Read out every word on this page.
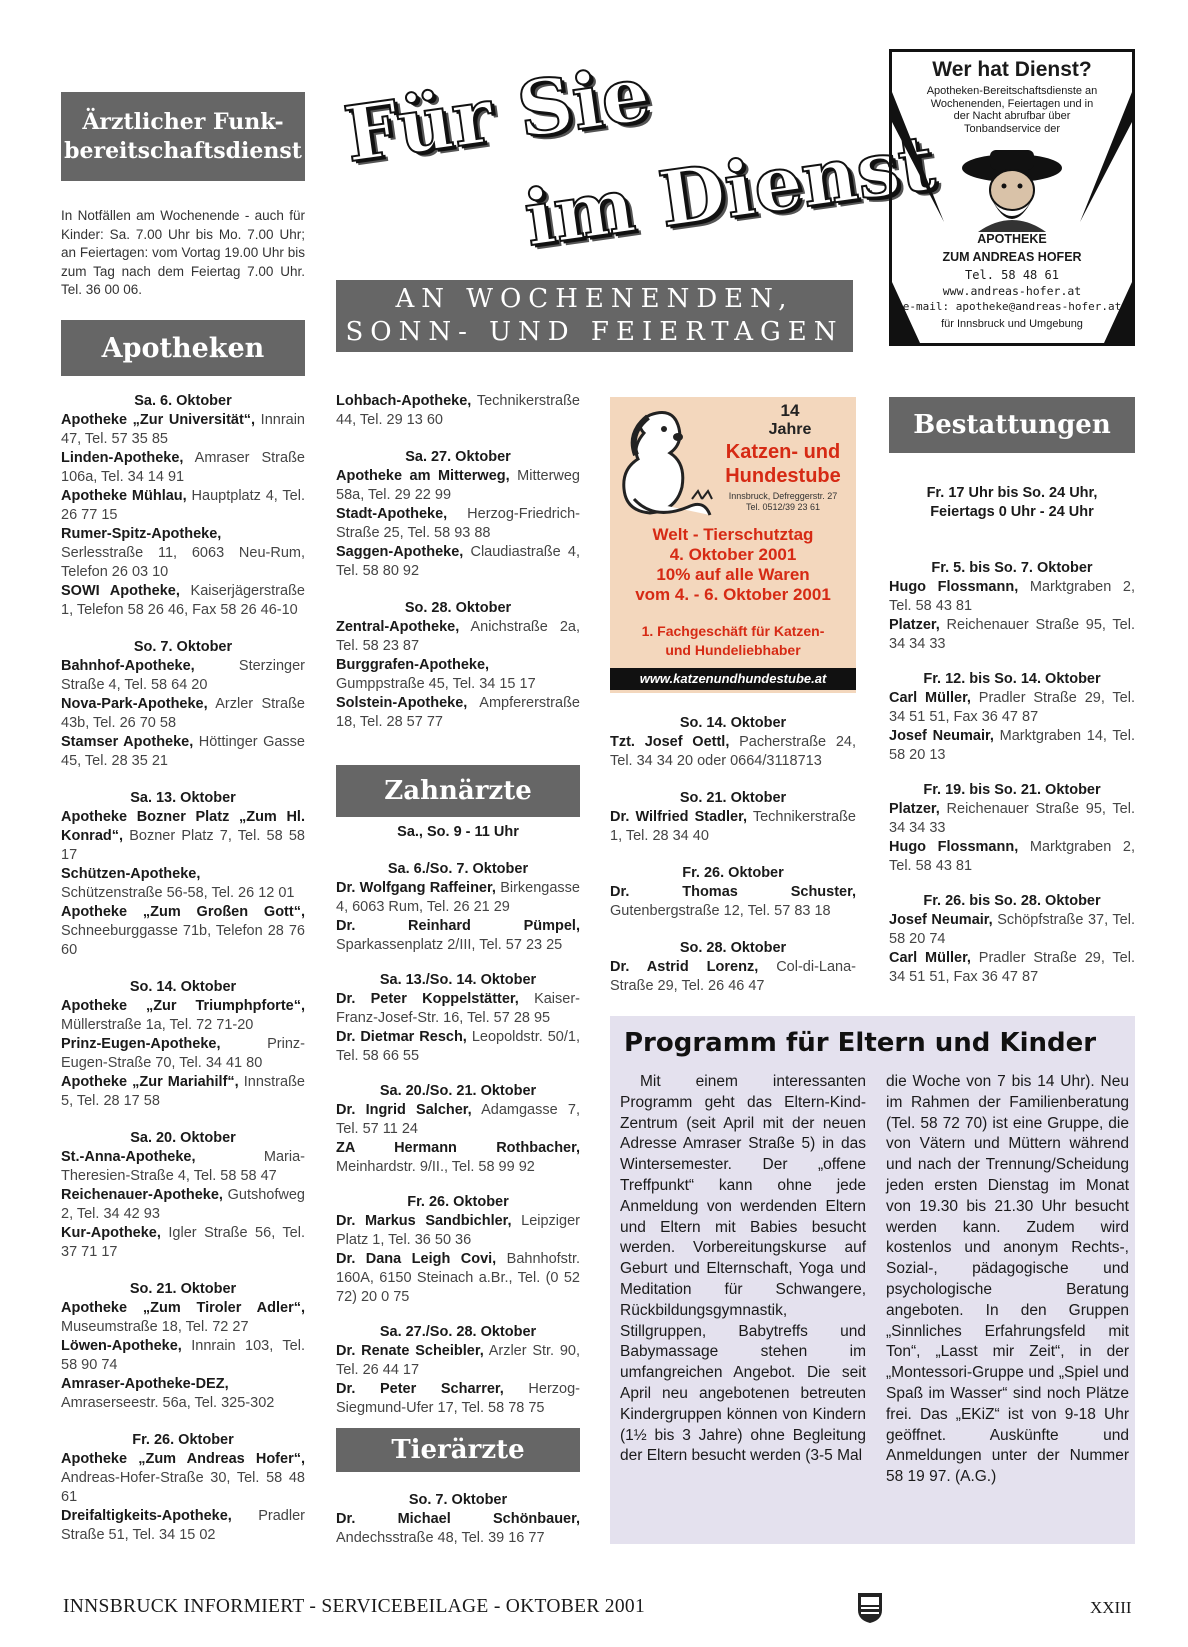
Ärztlicher Funk-
bereitschaftsdienst
In Notfällen am Wochenende - auch für Kinder: Sa. 7.00 Uhr bis Mo. 7.00 Uhr; an Feiertagen: vom Vortag 19.00 Uhr bis zum Tag nach dem Feiertag 7.00 Uhr. Tel. 36 00 06.
Für Sie
im Dienst
AN WOCHENENDEN,
SONN- UND FEIERTAGEN
Wer hat Dienst?
Apotheken-Bereitschaftsdienste an Wochenenden, Feiertagen und in der Nacht abrufbar über Tonbandservice der
APOTHEKE
ZUM ANDREAS HOFER
Tel. 58 48 61
www.andreas-hofer.at
e-mail: apotheke@andreas-hofer.at
für Innsbruck und Umgebung
Apotheken
Sa. 6. Oktober

Apotheke „Zur Universität“, Innrain 47, Tel. 57 35 85

Linden-Apotheke, Amraser Straße 106a, Tel. 34 14 91

Apotheke Mühlau, Hauptplatz 4, Tel. 26 77 15

Rumer-Spitz-Apotheke, Serlesstraße 11, 6063 Neu-Rum, Telefon 26 03 10

SOWI Apotheke, Kaiserjägerstraße 1, Telefon 58 26 46, Fax 58 26 46-10

So. 7. Oktober

Bahnhof-Apotheke, Sterzinger Straße 4, Tel. 58 64 20

Nova-Park-Apotheke, Arzler Straße 43b, Tel. 26 70 58

Stamser Apotheke, Höttinger Gasse 45, Tel. 28 35 21

Sa. 13. Oktober

Apotheke Bozner Platz „Zum Hl. Konrad“, Bozner Platz 7, Tel. 58 58 17

Schützen-Apotheke, Schützenstraße 56-58, Tel. 26 12 01

Apotheke „Zum Großen Gott“, Schneeburggasse 71b, Telefon 28 76 60

So. 14. Oktober

Apotheke „Zur Triumphpforte“, Müllerstraße 1a, Tel. 72 71-20

Prinz-Eugen-Apotheke, Prinz-Eugen-Straße 70, Tel. 34 41 80

Apotheke „Zur Mariahilf“, Innstraße 5, Tel. 28 17 58

Sa. 20. Oktober

St.-Anna-Apotheke, Maria-Theresien-Straße 4, Tel. 58 58 47

Reichenauer-Apotheke, Gutshofweg 2, Tel. 34 42 93

Kur-Apotheke, Igler Straße 56, Tel. 37 71 17

So. 21. Oktober

Apotheke „Zum Tiroler Adler“, Museumstraße 18, Tel. 72 27

Löwen-Apotheke, Innrain 103, Tel. 58 90 74

Amraser-Apotheke-DEZ, Amraserseestr. 56a, Tel. 325-302

Fr. 26. Oktober

Apotheke „Zum Andreas Hofer“, Andreas-Hofer-Straße 30, Tel. 58 48 61

Dreifaltigkeits-Apotheke, Pradler Straße 51, Tel. 34 15 02

Lohbach-Apotheke, Technikerstraße 44, Tel. 29 13 60

Sa. 27. Oktober

Apotheke am Mitterweg, Mitterweg 58a, Tel. 29 22 99

Stadt-Apotheke, Herzog-Friedrich-Straße 25, Tel. 58 93 88

Saggen-Apotheke, Claudiastraße 4, Tel. 58 80 92

So. 28. Oktober

Zentral-Apotheke, Anichstraße 2a, Tel. 58 23 87

Burggrafen-Apotheke, Gumppstraße 45, Tel. 34 15 17

Solstein-Apotheke, Ampfererstraße 18, Tel. 28 57 77

Zahnärzte
Sa., So. 9 - 11 Uhr
Sa. 6./So. 7. Oktober

Dr. Wolfgang Raffeiner, Birkengasse 4, 6063 Rum, Tel. 26 21 29

Dr. Reinhard Pümpel, Sparkassenplatz 2/III, Tel. 57 23 25

Sa. 13./So. 14. Oktober

Dr. Peter Koppelstätter, Kaiser-Franz-Josef-Str. 16, Tel. 57 28 95

Dr. Dietmar Resch, Leopoldstr. 50/1, Tel. 58 66 55

Sa. 20./So. 21. Oktober

Dr. Ingrid Salcher, Adamgasse 7, Tel. 57 11 24

ZA Hermann Rothbacher, Meinhardstr. 9/II., Tel. 58 99 92

Fr. 26. Oktober

Dr. Markus Sandbichler, Leipziger Platz 1, Tel. 36 50 36

Dr. Dana Leigh Covi, Bahnhofstr. 160A, 6150 Steinach a.Br., Tel. (0 52 72) 20 0 75

Sa. 27./So. 28. Oktober

Dr. Renate Scheibler, Arzler Str. 90, Tel. 26 44 17

Dr. Peter Scharrer, Herzog-Siegmund-Ufer 17, Tel. 58 78 75

Tierärzte
So. 7. Oktober

Dr. Michael Schönbauer, Andechsstraße 48, Tel. 39 16 77

14
Jahre
Katzen- und
Hundestube
Innsbruck, Defreggerstr. 27
Tel. 0512/39 23 61
Welt - Tierschutztag
4. Oktober 2001
10% auf alle Waren
vom 4. - 6. Oktober 2001
1. Fachgeschäft für Katzen-
und Hundeliebhaber
www.katzenundhundestube.at
So. 14. Oktober

Tzt. Josef Oettl, Pacherstraße 24, Tel. 34 34 20 oder 0664/3118713

So. 21. Oktober

Dr. Wilfried Stadler, Technikerstraße 1, Tel. 28 34 40

Fr. 26. Oktober

Dr. Thomas Schuster, Gutenbergstraße 12, Tel. 57 83 18

So. 28. Oktober

Dr. Astrid Lorenz, Col-di-Lana-Straße 29, Tel. 26 46 47

Bestattungen
Fr. 17 Uhr bis So. 24 Uhr,
Feiertags 0 Uhr - 24 Uhr
Fr. 5. bis So. 7. Oktober

Hugo Flossmann, Marktgraben 2, Tel. 58 43 81

Platzer, Reichenauer Straße 95, Tel. 34 34 33

Fr. 12. bis So. 14. Oktober

Carl Müller, Pradler Straße 29, Tel. 34 51 51, Fax 36 47 87

Josef Neumair, Marktgraben 14, Tel. 58 20 13

Fr. 19. bis So. 21. Oktober

Platzer, Reichenauer Straße 95, Tel. 34 34 33

Hugo Flossmann, Marktgraben 2, Tel. 58 43 81

Fr. 26. bis So. 28. Oktober

Josef Neumair, Schöpfstraße 37, Tel. 58 20 74

Carl Müller, Pradler Straße 29, Tel. 34 51 51, Fax 36 47 87

Programm für Eltern und Kinder
Mit einem interessanten Programm geht das Eltern-Kind-Zentrum (seit April mit der neuen Adresse Amraser Straße 5) in das Wintersemester. Der „offene Treffpunkt“ kann ohne jede Anmeldung von werdenden Eltern und Eltern mit Babies besucht werden. Vorbereitungskurse auf Geburt und Elternschaft, Yoga und Meditation für Schwangere, Rückbildungsgymnastik, Stillgruppen, Babytreffs und Babymassage stehen im umfangreichen Angebot. Die seit April neu angebotenen betreuten Kindergruppen können von Kindern (1½ bis 3 Jahre) ohne Begleitung der Eltern besucht werden (3-5 Mal
die Woche von 7 bis 14 Uhr). Neu im Rahmen der Familienberatung (Tel. 58 72 70) ist eine Gruppe, die von Vätern und Müttern während und nach der Trennung/Scheidung jeden ersten Dienstag im Monat von 19.30 bis 21.30 Uhr besucht werden kann. Zudem wird kostenlos und anonym Rechts-, Sozial-, pädagogische und psychologische Beratung angeboten. In den Gruppen „Sinnliches Erfahrungsfeld mit Ton“, „Lasst mir Zeit“, in der „Montessori-Gruppe und „Spiel und Spaß im Wasser“ sind noch Plätze frei. Das „EKiZ“ ist von 9-18 Uhr geöffnet. Auskünfte und Anmeldungen unter der Nummer 58 19 97. (A.G.)
INNSBRUCK INFORMIERT - SERVICEBEILAGE - OKTOBER 2001	XXIII
